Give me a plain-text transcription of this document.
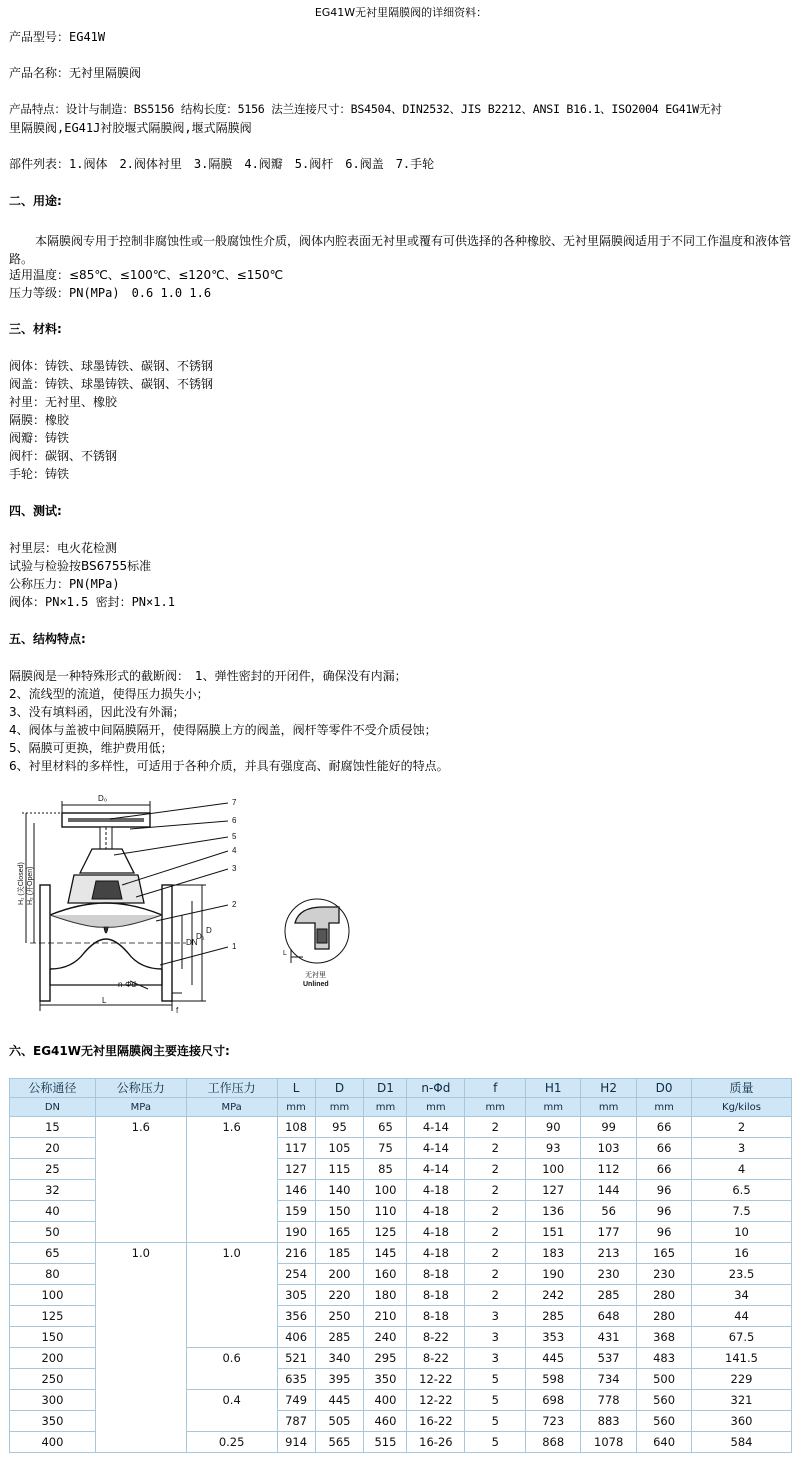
EG41W无衬里隔膜阀的详细资料：
产品型号：EG41W
产品名称：无衬里隔膜阀
产品特点：设计与制造：BS5156 结构长度：5156 法兰连接尺寸：BS4504、DIN2532、JIS B2212、ANSI B16.1、ISO2004 EG41W无衬
里隔膜阀,EG41J衬胶堰式隔膜阀,堰式隔膜阀
部件列表：1.阀体　2.阀体衬里　3.隔膜　4.阀瓣　5.阀杆　6.阀盖　7.手轮
二、用途:
本隔膜阀专用于控制非腐蚀性或一般腐蚀性介质，阀体内腔表面无衬里或覆有可供选择的各种橡胶、无衬里隔膜阀适用于不同工作温度和液体管路。
适用温度：≤85℃、≤100℃、≤120℃、≤150℃
压力等级：PN(MPa)　0.6 1.0 1.6
三、材料:
阀体：铸铁、球墨铸铁、碳钢、不锈钢
阀盖：铸铁、球墨铸铁、碳钢、不锈钢
衬里：无衬里、橡胶
隔膜：橡胶
阀瓣：铸铁
阀杆：碳钢、不锈钢
手轮：铸铁
四、测试:
衬里层：电火花检测
试验与检验按BS6755标准
公称压力：PN(MPa)
阀体：PN×1.5 密封：PN×1.1
五、结构特点:
隔膜阀是一种特殊形式的截断阀：　1、弹性密封的开闭件，确保没有内漏；
2、流线型的流道，使得压力损失小；
3、没有填料函，因此没有外漏；
4、阀体与盖被中间隔膜隔开，使得隔膜上方的阀盖，阀杆等零件不受介质侵蚀；
5、隔膜可更换，维护费用低；
6、衬里材料的多样性，可适用于各种介质，并具有强度高、耐腐蚀性能好的特点。
D₀
DN
D₁
D
L
f
n-Φd
7
6
5
4
3
2
1
H₁ (关Closed) H₂ (开Open)
L
无衬里
Unlined
六、EG41W无衬里隔膜阀主要连接尺寸:
公称通径	公称压力	工作压力	L	D	D1	n-Φd	f	H1	H2	D0	质量
DN	MPa	MPa	mm	mm	mm	mm	mm	mm	mm	mm	Kg/kilos
15	1.6	1.6	108	95	65	4-14	2	90	99	66	2
20			117	105	75	4-14	2	93	103	66	3
25			127	115	85	4-14	2	100	112	66	4
32			146	140	100	4-18	2	127	144	96	6.5
40			159	150	110	4-18	2	136	56	96	7.5
50			190	165	125	4-18	2	151	177	96	10
65	1.0	1.0	216	185	145	4-18	2	183	213	165	16
80			254	200	160	8-18	2	190	230	230	23.5
100			305	220	180	8-18	2	242	285	280	34
125			356	250	210	8-18	3	285	648	280	44
150			406	285	240	8-22	3	353	431	368	67.5
200		0.6	521	340	295	8-22	3	445	537	483	141.5
250			635	395	350	12-22	5	598	734	500	229
300		0.4	749	445	400	12-22	5	698	778	560	321
350			787	505	460	16-22	5	723	883	560	360
400		0.25	914	565	515	16-26	5	868	1078	640	584
